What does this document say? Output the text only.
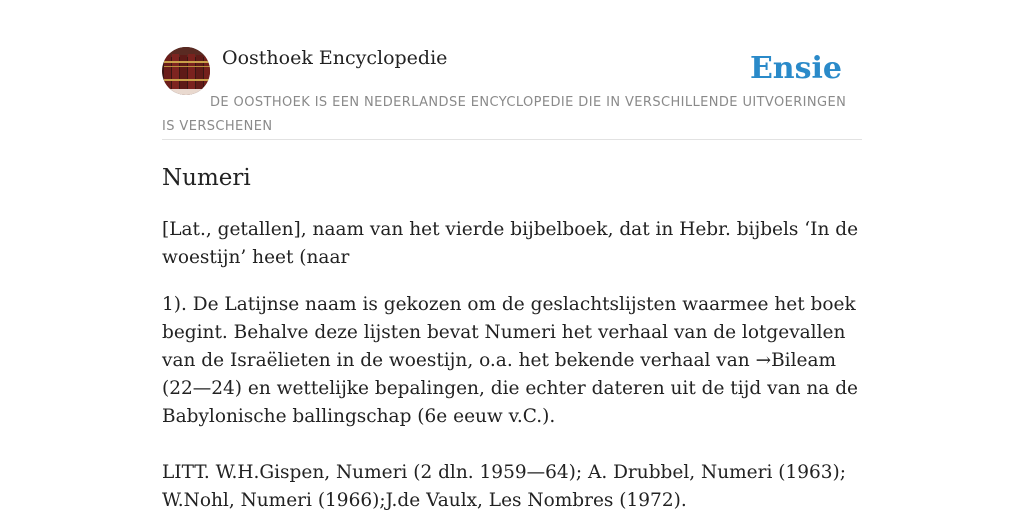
Oosthoek Encyclopedie	Ensie
DE OOSTHOEK IS EEN NEDERLANDSE ENCYCLOPEDIE DIE IN VERSCHILLENDE UITVOERINGEN IS VERSCHENEN
Numeri

[Lat., getallen], naam van het vierde bijbelboek, dat in Hebr. bijbels ‘In de woestijn’ heet (naar

1). De Latijnse naam is gekozen om de geslachtslijsten waarmee het boek begint. Behalve deze lijsten bevat Numeri het verhaal van de lotgevallen van de Israëlieten in de woestijn, o.a. het bekende verhaal van →Bileam (22—24) en wettelijke bepalingen, die echter dateren uit de tijd van na de Babylonische ballingschap (6e eeuw v.C.).

LITT. W.H.Gispen, Numeri (2 dln. 1959—64); A. Drubbel, Numeri (1963); W.Nohl, Numeri (1966);J.de Vaulx, Les Nombres (1972).
